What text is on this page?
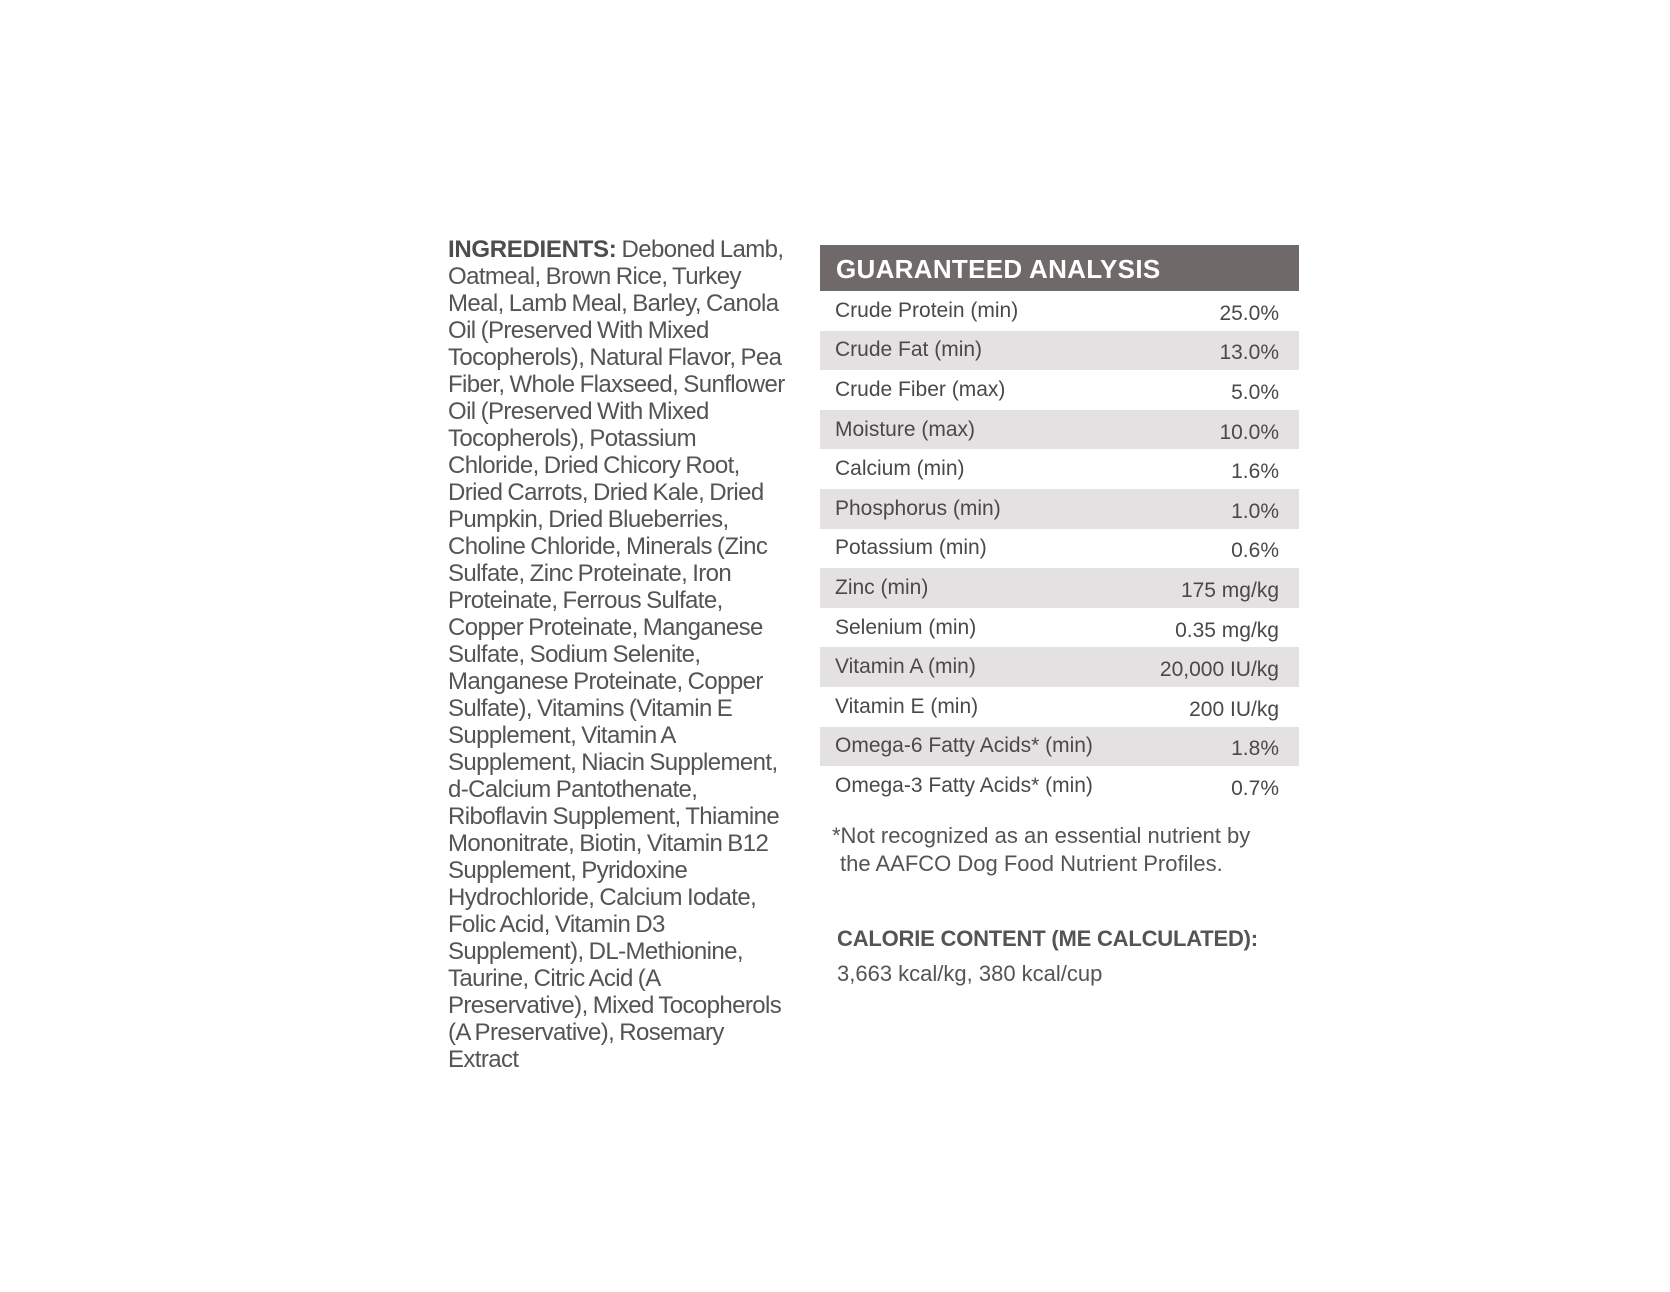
INGREDIENTS: Deboned Lamb, Oatmeal, Brown Rice, Turkey Meal, Lamb Meal, Barley, Canola Oil (Preserved With Mixed Tocopherols), Natural Flavor, Pea Fiber, Whole Flaxseed, Sunflower Oil (Preserved With Mixed Tocopherols), Potassium Chloride, Dried Chicory Root, Dried Carrots, Dried Kale, Dried Pumpkin, Dried Blueberries, Choline Chloride, Minerals (Zinc Sulfate, Zinc Proteinate, Iron Proteinate, Ferrous Sulfate, Copper Proteinate, Manganese Sulfate, Sodium Selenite, Manganese Proteinate, Copper Sulfate), Vitamins (Vitamin E Supplement, Vitamin A Supplement, Niacin Supplement, d-Calcium Pantothenate, Riboflavin Supplement, Thiamine Mononitrate, Biotin, Vitamin B12 Supplement, Pyridoxine Hydrochloride, Calcium Iodate, Folic Acid, Vitamin D3 Supplement), DL-Methionine, Taurine, Citric Acid (A Preservative), Mixed Tocopherols (A Preservative), Rosemary Extract
GUARANTEED ANALYSIS
Crude Protein (min)	25.0%
Crude Fat (min)	13.0%
Crude Fiber (max)	5.0%
Moisture (max)	10.0%
Calcium (min)	1.6%
Phosphorus (min)	1.0%
Potassium (min)	0.6%
Zinc (min)	175 mg/kg
Selenium (min)	0.35 mg/kg
Vitamin A (min)	20,000 IU/kg
Vitamin E (min)	200 IU/kg
Omega-6 Fatty Acids* (min)	1.8%
Omega-3 Fatty Acids* (min)	0.7%
*Not recognized as an essential nutrient by
the AAFCO Dog Food Nutrient Profiles.
CALORIE CONTENT (ME CALCULATED):
3,663 kcal/kg, 380 kcal/cup
